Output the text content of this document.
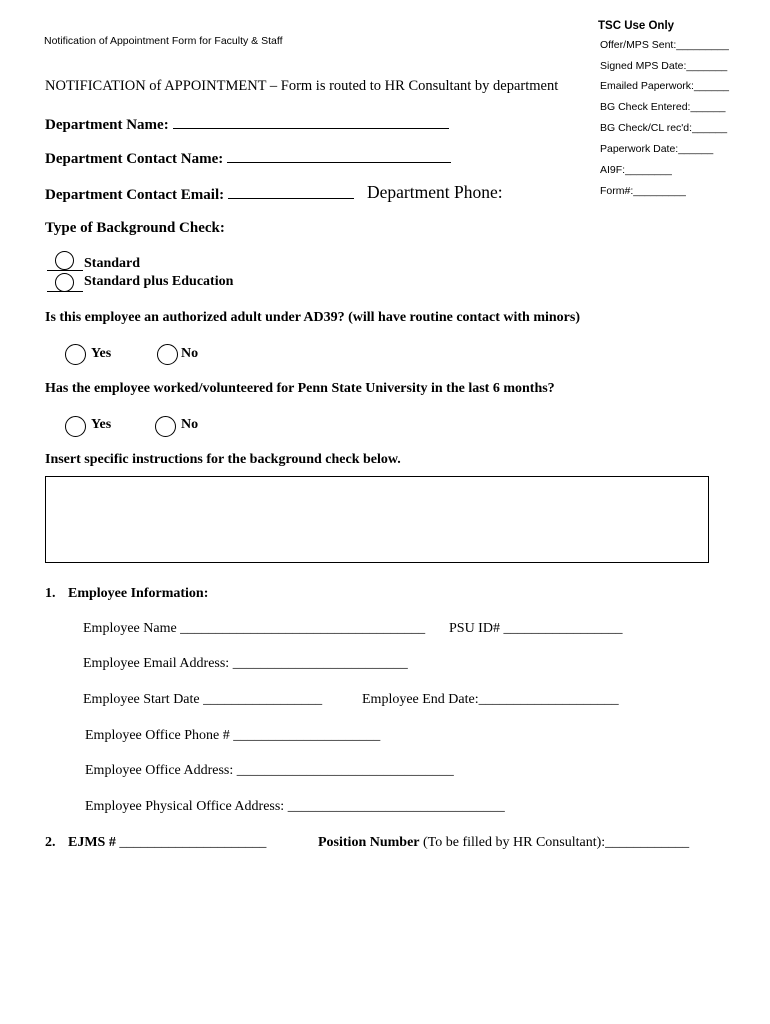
Notification of Appointment Form for Faculty & Staff
NOTIFICATION of APPOINTMENT – Form is routed to HR Consultant by department
TSC Use Only
Offer/MPS Sent:_________
Signed MPS Date:_______
Emailed Paperwork:______
BG Check Entered:______
BG Check/CL rec'd:______
Paperwork Date:______
AI9F:________
Form#:_________
Department Name:
Department Contact Name:
Department Contact Email:	Department Phone:
Type of Background Check:
Standard
Standard plus Education
Is this employee an authorized adult under AD39? (will have routine contact with minors)
Yes	No
Has the employee worked/volunteered for Penn State University in the last 6 months?
Yes	No
Insert specific instructions for the background check below.
1. Employee Information:
Employee Name ___________________________________ PSU ID# _________________
Employee Email Address: _________________________
Employee Start Date _________________	Employee End Date:____________________
Employee Office Phone # _____________________
Employee Office Address: _______________________________
Employee Physical Office Address: _______________________________
2. EJMS # _____________________	Position Number (To be filled by HR Consultant):____________
